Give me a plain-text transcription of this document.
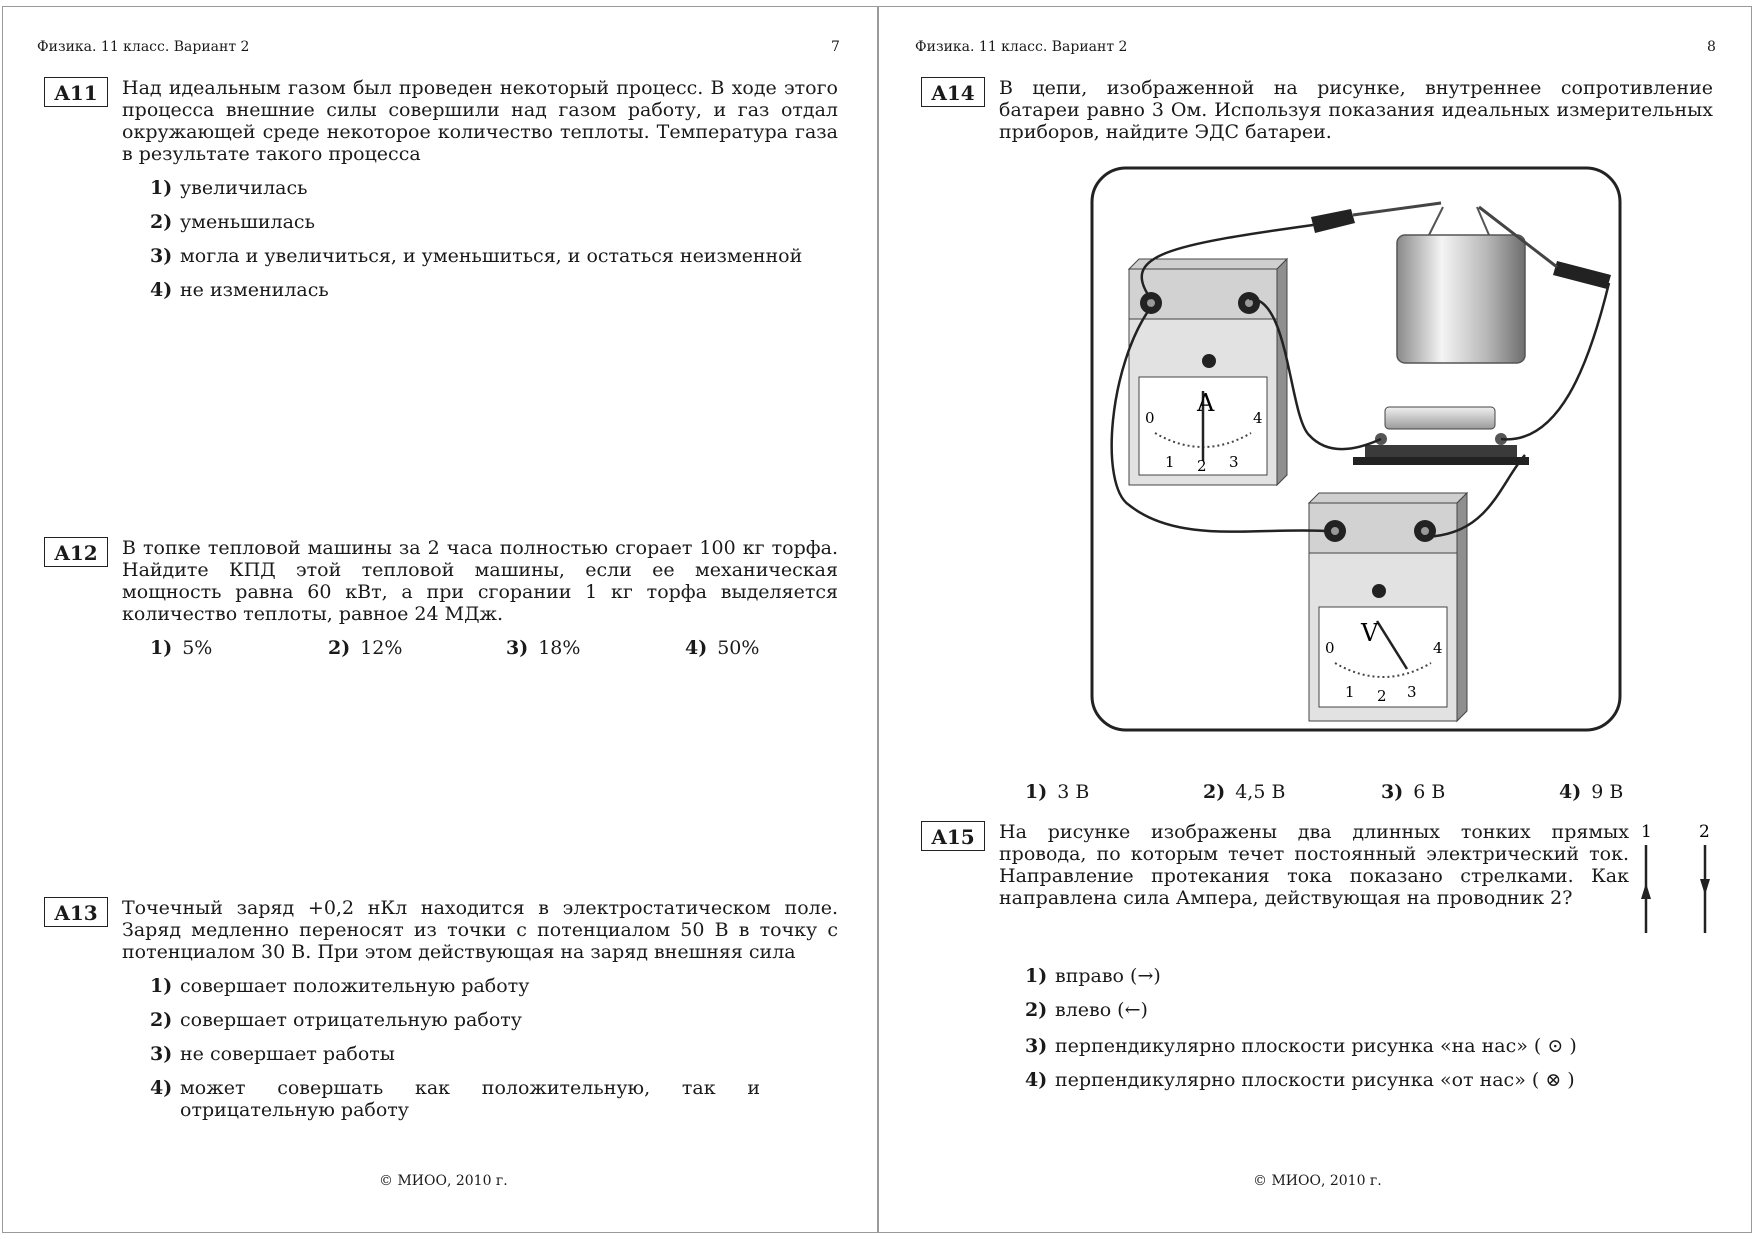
Физика. 11 класс. Вариант 2	7
A11	Над идеальным газом был проведен некоторый процесс. В ходе этого процесса внешние силы совершили над газом работу, и газ отдал окружающей среде некоторое количество теплоты. Температура газа в результате такого процесса
1) увеличилась
2) уменьшилась
3) могла и увеличиться, и уменьшиться, и остаться неизменной
4) не изменилась
A12	В топке тепловой машины за 2 часа полностью сгорает 100 кг торфа. Найдите КПД этой тепловой машины, если ее механическая мощность равна 60 кВт, а при сгорании 1 кг торфа выделяется количество теплоты, равное 24 МДж.
1) 5%	2) 12%	3) 18%	4) 50%
A13	Точечный заряд +0,2 нКл находится в электростатическом поле. Заряд медленно переносят из точки с потенциалом 50 В в точку с потенциалом 30 В. При этом действующая на заряд внешняя сила
1) совершает положительную работу
2) совершает отрицательную работу
3) не совершает работы
4) может совершать как положительную, так и отрицательную работу
© МИОО, 2010 г.
Физика. 11 класс. Вариант 2	8
A14	В цепи, изображенной на рисунке, внутреннее сопротивление батареи равно 3 Ом. Используя показания идеальных измерительных приборов, найдите ЭДС батареи.
A
0
1 2 3
4
V
0
1 2 3
4
1) 3 В	2) 4,5 В	3) 6 В	4) 9 В
A15	На рисунке изображены два длинных тонких прямых провода, по которым течет постоянный электрический ток. Направление протекания тока показано стрелками. Как направлена сила Ампера, действующая на проводник 2?
1	2
1) вправо (→)
2) влево (←)
3) перпендикулярно плоскости рисунка «на нас» ( ⊙ )
4) перпендикулярно плоскости рисунка «от нас» ( ⊗ )
© МИОО, 2010 г.
